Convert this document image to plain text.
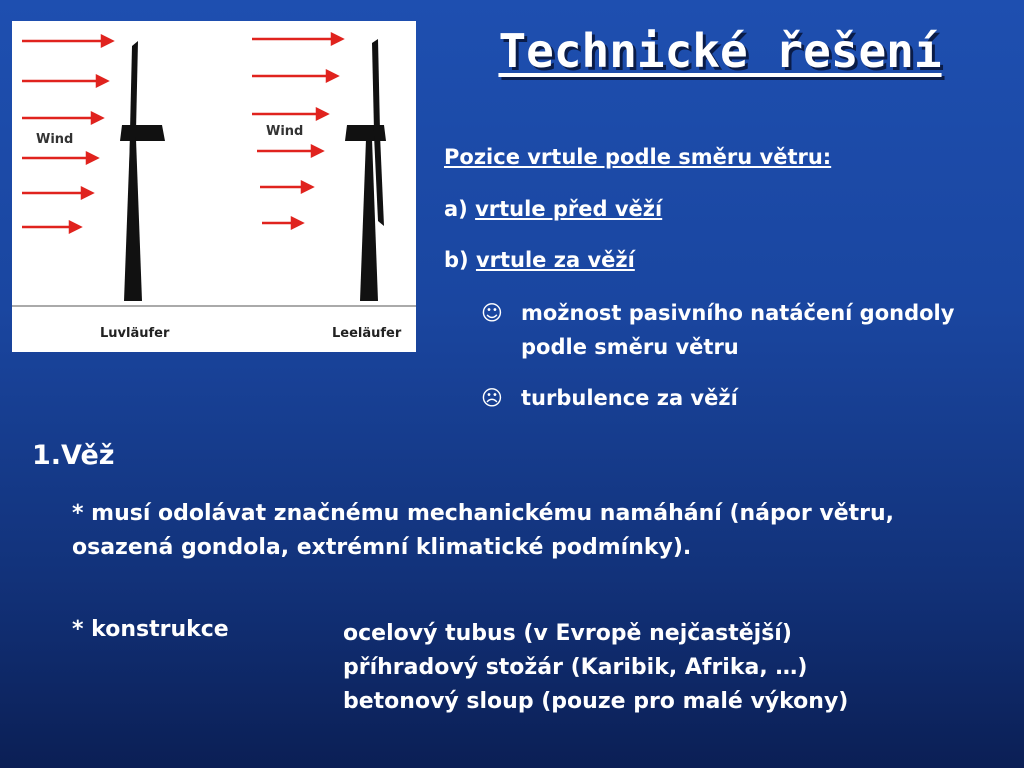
Wind
Wind
Luvläufer	Leeläufer
Technické řešení
Pozice vrtule podle směru větru:
a) vrtule před věží
b) vrtule za věží
☺ možnost pasivního natáčení gondoly podle směru větru
☹ turbulence za věží
1.Věž
* musí odolávat značnému mechanickému namáhání (nápor větru, osazená gondola, extrémní klimatické podmínky).
* konstrukce	ocelový tubus (v Evropě nejčastější)
příhradový stožár (Karibik, Afrika, …)
betonový sloup (pouze pro malé výkony)
